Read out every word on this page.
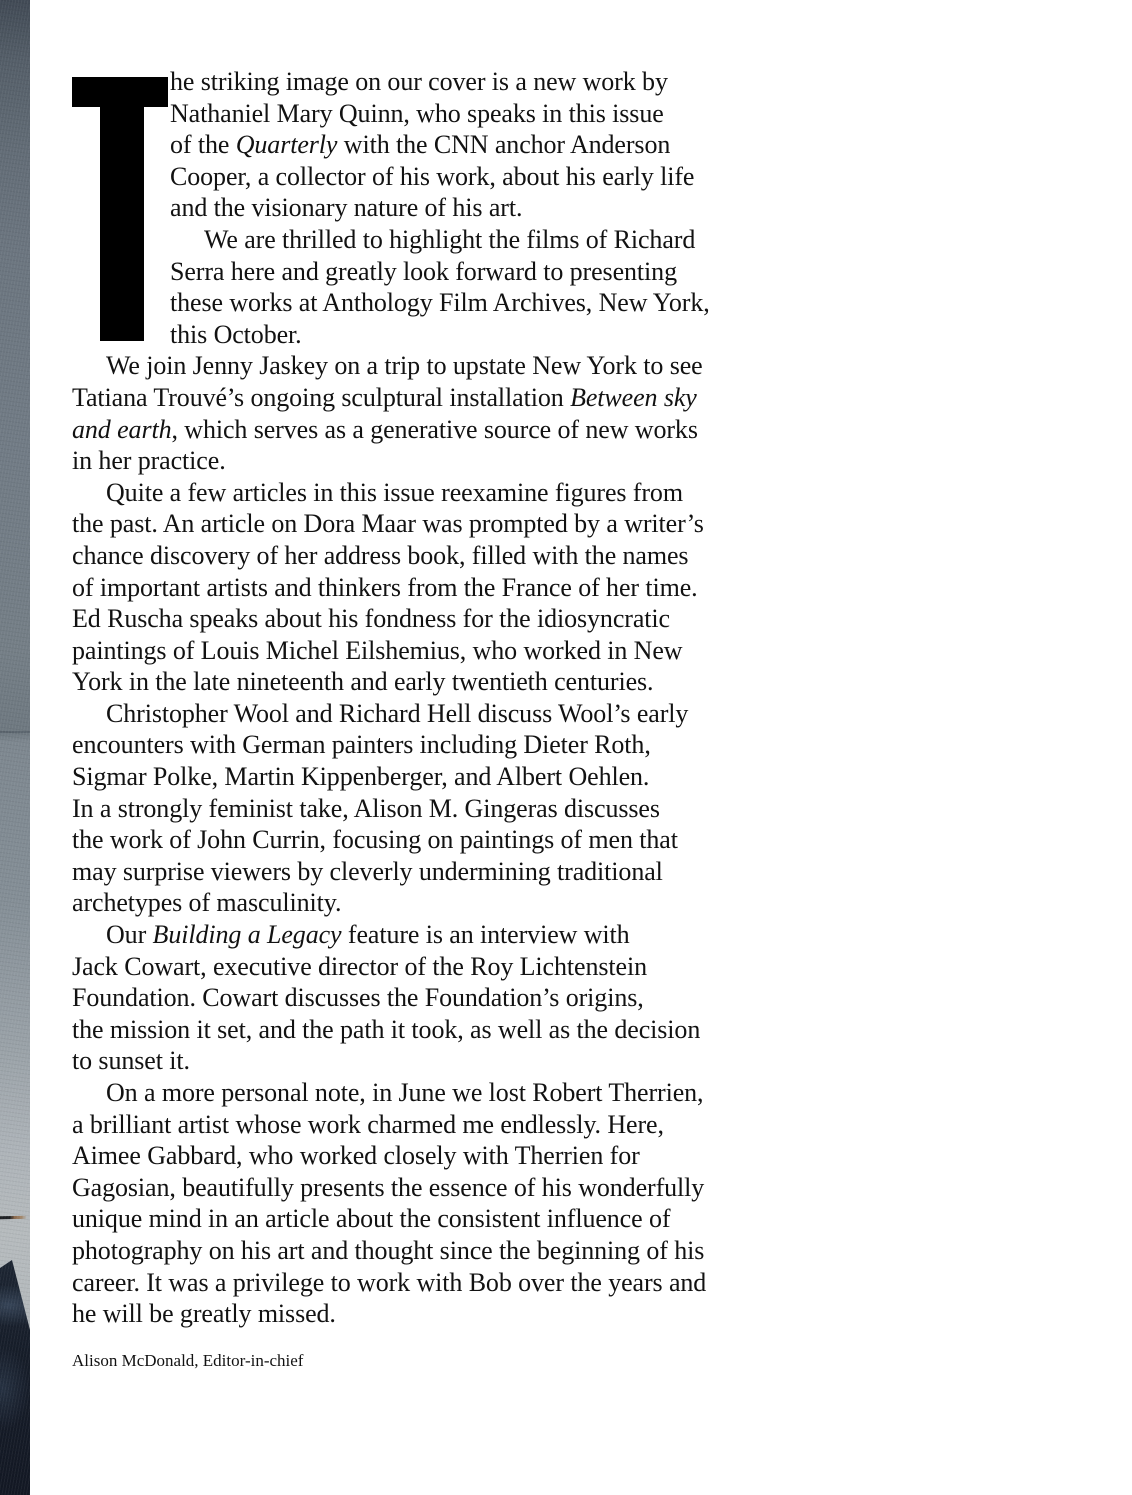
he striking image on our cover is a new work by
Nathaniel Mary Quinn, who speaks in this issue
of the Quarterly with the CNN anchor Anderson
Cooper, a collector of his work, about his early life
and the visionary nature of his art.
We are thrilled to highlight the films of Richard
Serra here and greatly look forward to presenting
these works at Anthology Film Archives, New York,
this October.
We join Jenny Jaskey on a trip to upstate New York to see
Tatiana Trouvé’s ongoing sculptural installation Between sky
and earth, which serves as a generative source of new works
in her practice.
Quite a few articles in this issue reexamine figures from
the past. An article on Dora Maar was prompted by a writer’s
chance discovery of her address book, filled with the names
of important artists and thinkers from the France of her time.
Ed Ruscha speaks about his fondness for the idiosyncratic
paintings of Louis Michel Eilshemius, who worked in New
York in the late nineteenth and early twentieth centuries.
Christopher Wool and Richard Hell discuss Wool’s early
encounters with German painters including Dieter Roth,
Sigmar Polke, Martin Kippenberger, and Albert Oehlen.
In a strongly feminist take, Alison M. Gingeras discusses
the work of John Currin, focusing on paintings of men that
may surprise viewers by cleverly undermining traditional
archetypes of masculinity.
Our Building a Legacy feature is an interview with
Jack Cowart, executive director of the Roy Lichtenstein
Foundation. Cowart discusses the Foundation’s origins,
the mission it set, and the path it took, as well as the decision
to sunset it.
On a more personal note, in June we lost Robert Therrien,
a brilliant artist whose work charmed me endlessly. Here,
Aimee Gabbard, who worked closely with Therrien for
Gagosian, beautifully presents the essence of his wonderfully
unique mind in an article about the consistent influence of
photography on his art and thought since the beginning of his
career. It was a privilege to work with Bob over the years and
he will be greatly missed.
Alison McDonald, Editor-in-chief
